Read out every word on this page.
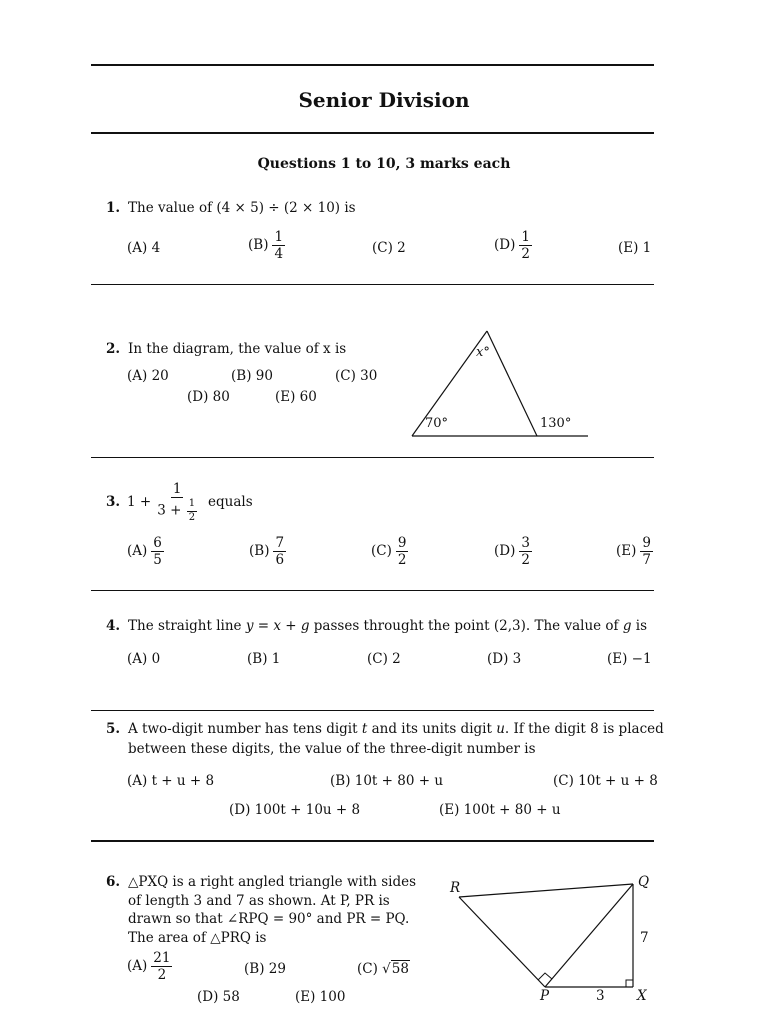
Senior Division
Questions 1 to 10, 3 marks each
1. The value of (4 × 5) ÷ (2 × 10) is
(A) 4	$(B) \frac{1}{4}$	(C) 2	$(D) \frac{1}{2}$	(E) 1
2. In the diagram, the value of x is
(A) 20	(B) 90	(C) 30
(D) 80	(E) 60
x°
70°	130°
3. $1 + \frac{1}{3 + \frac{1}{2}}$ equals
$(A) \frac{6}{5}$	$(B) \frac{7}{6}$	$(C) \frac{9}{2}$	$(D) \frac{3}{2}$	$(E) \frac{9}{7}$
4. The straight line y = x + g passes throught the point (2,3). The value of g is
(A) 0	(B) 1	(C) 2	(D) 3	(E) −1
5. A two-digit number has tens digit t and its units digit u. If the digit 8 is placed
between these digits, the value of the three-digit number is
(A) t + u + 8	(B) 10t + 80 + u	(C) 10t + u + 8
(D) 100t + 10u + 8	(E) 100t + 80 + u
6. △PXQ is a right angled triangle with sides
of length 3 and 7 as shown. At P, PR is
drawn so that ∠RPQ = 90° and PR = PQ.
The area of △PRQ is
$(A) \frac{21}{2}$	(B) 29	(C) √58
(D) 58	(E) 100
R	Q
P	X
7
3
